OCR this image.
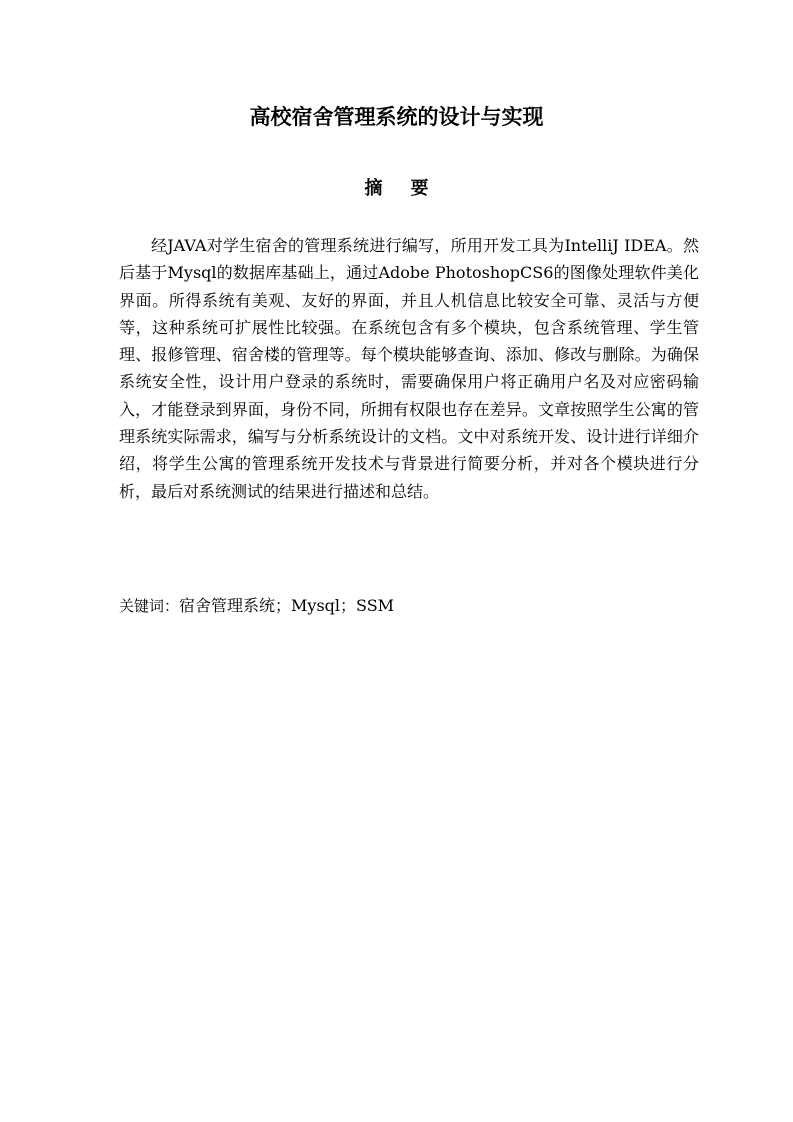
高校宿舍管理系统的设计与实现
摘 要

经JAVA对学生宿舍的管理系统进行编写，所用开发工具为IntelliJ IDEA。然后基于Mysql的数据库基础上，通过Adobe PhotoshopCS6的图像处理软件美化界面。所得系统有美观、友好的界面，并且人机信息比较安全可靠、灵活与方便等，这种系统可扩展性比较强。在系统包含有多个模块，包含系统管理、学生管理、报修管理、宿舍楼的管理等。每个模块能够查询、添加、修改与删除。为确保系统安全性，设计用户登录的系统时，需要确保用户将正确用户名及对应密码输入，才能登录到界面，身份不同，所拥有权限也存在差异。文章按照学生公寓的管理系统实际需求，编写与分析系统设计的文档。文中对系统开发、设计进行详细介绍，将学生公寓的管理系统开发技术与背景进行简要分析，并对各个模块进行分析，最后对系统测试的结果进行描述和总结。

关键词：宿舍管理系统；Mysql；SSM
